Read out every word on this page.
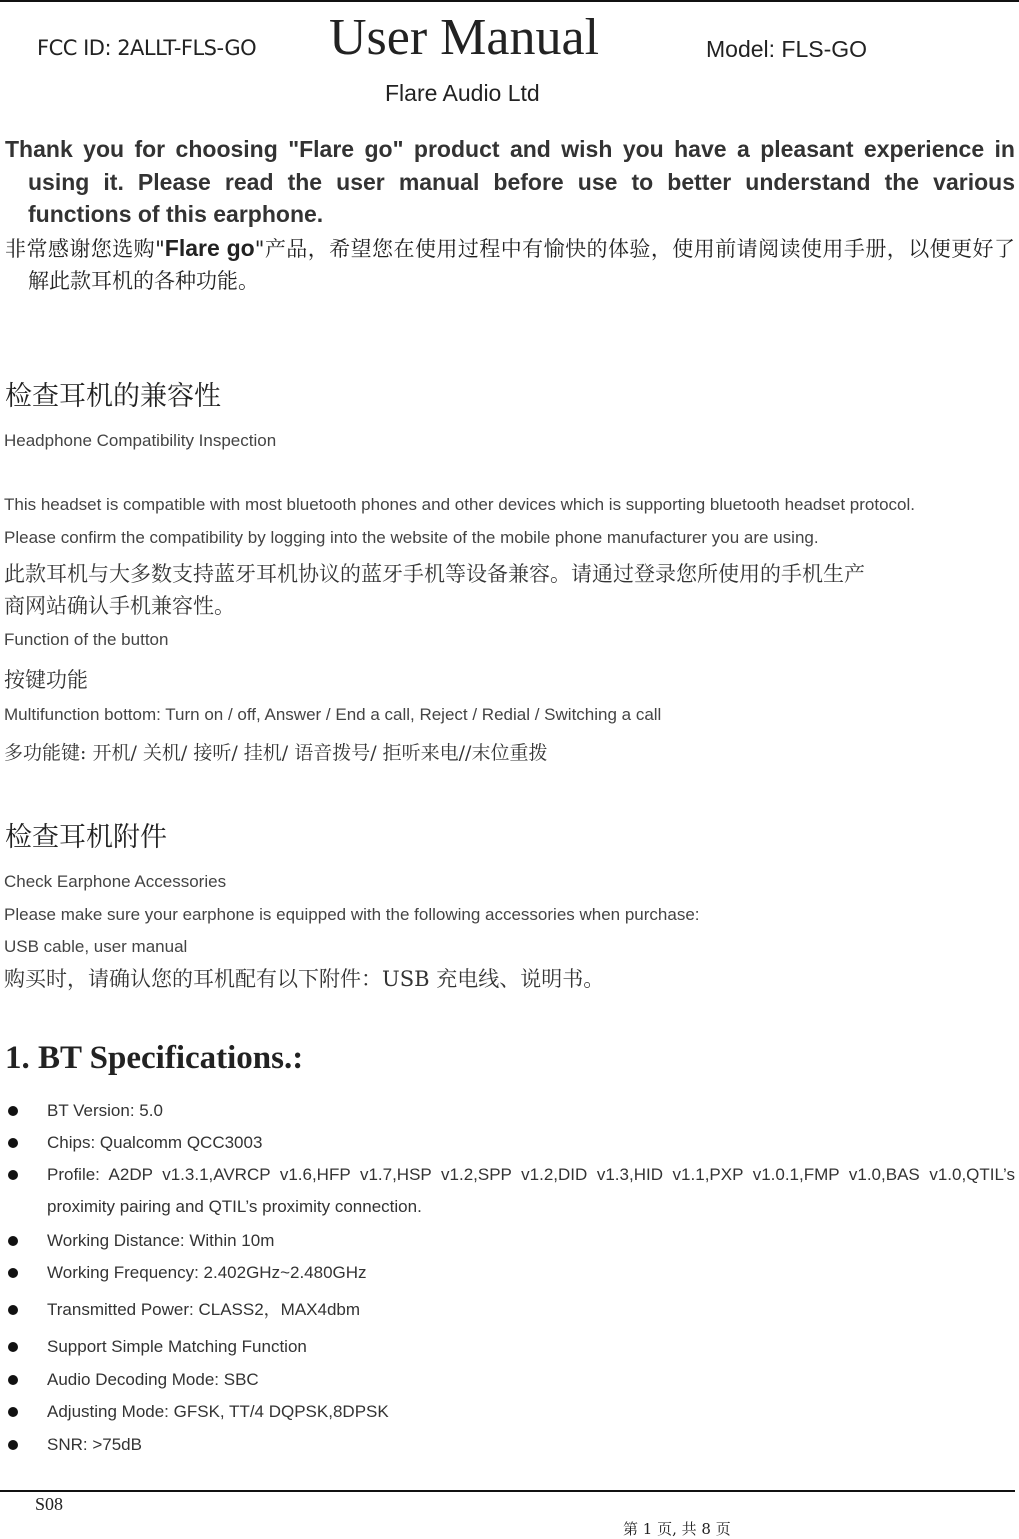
FCC ID: 2ALLT-FLS-GO User Manual	Model: FLS-GO
Flare Audio Ltd

Thank you for choosing "Flare go" product and wish you have a pleasant experience in using it. Please read the user manual before use to better understand the various functions of this earphone.

非常感谢您选购"Flare go"产品，希望您在使用过程中有愉快的体验，使用前请阅读使用手册，以便更好了解此款耳机的各种功能。

检查耳机的兼容性
Headphone Compatibility Inspection
This headset is compatible with most bluetooth phones and other devices which is supporting bluetooth headset protocol.
Please confirm the compatibility by logging into the website of the mobile phone manufacturer you are using.
此款耳机与大多数支持蓝牙耳机协议的蓝牙手机等设备兼容。请通过登录您所使用的手机生产
商网站确认手机兼容性。
Function of the button
按键功能
Multifunction bottom: Turn on / off, Answer / End a call, Reject / Redial / Switching a call
多功能键: 开机/ 关机/ 接听/ 挂机/ 语音拨号/ 拒听来电//末位重拨
检查耳机附件
Check Earphone Accessories
Please make sure your earphone is equipped with the following accessories when purchase:
USB cable, user manual
购买时，请确认您的耳机配有以下附件：USB 充电线、说明书。
1. BT Specifications.:
BT Version: 5.0
Chips: Qualcomm QCC3003
Profile: A2DP v1.3.1,AVRCP v1.6,HFP v1.7,HSP v1.2,SPP v1.2,DID v1.3,HID v1.1,PXP v1.0.1,FMP v1.0,BAS v1.0,QTIL’s proximity pairing and QTIL’s proximity connection.
Working Distance: Within 10m
Working Frequency: 2.402GHz~2.480GHz
Transmitted Power: CLASS2，MAX4dbm
Support Simple Matching Function
Audio Decoding Mode: SBC
Adjusting Mode: GFSK, TT/4 DQPSK,8DPSK
SNR: >75dB
S08
第 1 页, 共 8 页
